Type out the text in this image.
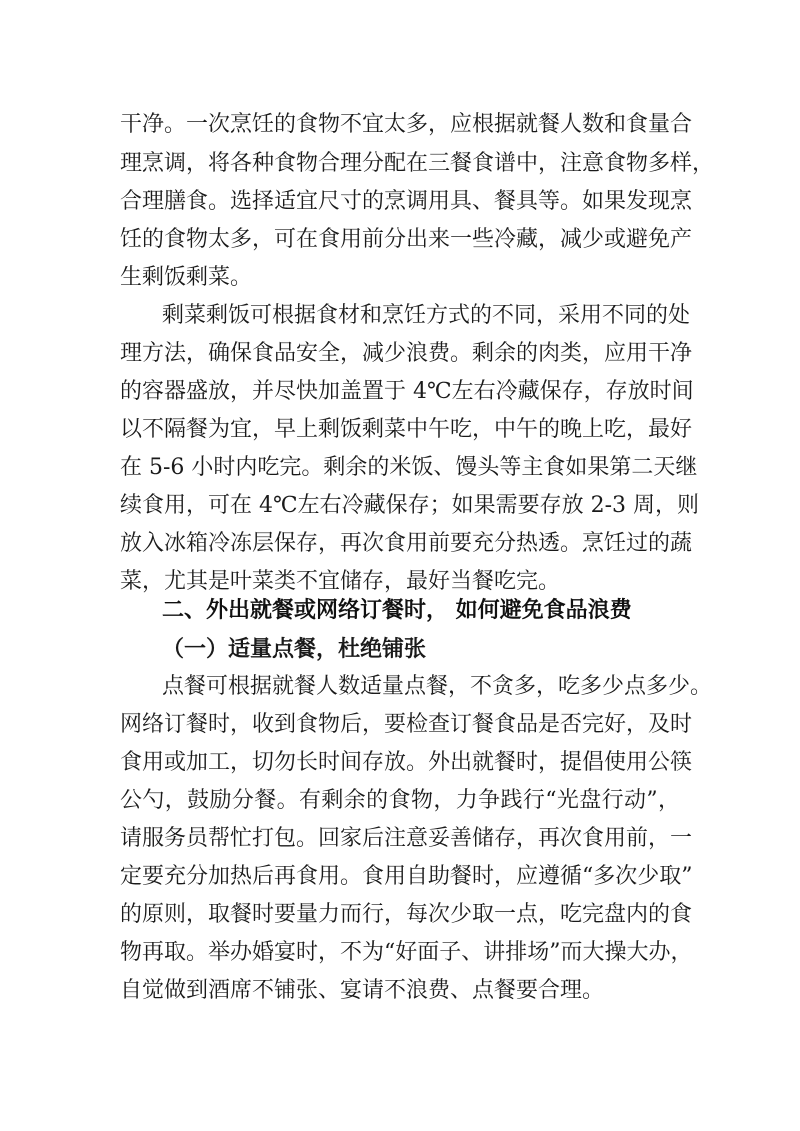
干净。一次烹饪的食物不宜太多，应根据就餐人数和食量合

理烹调，将各种食物合理分配在三餐食谱中，注意食物多样，

合理膳食。选择适宜尺寸的烹调用具、餐具等。如果发现烹

饪的食物太多，可在食用前分出来一些冷藏，减少或避免产

生剩饭剩菜。

剩菜剩饭可根据食材和烹饪方式的不同，采用不同的处

理方法，确保食品安全，减少浪费。剩余的肉类，应用干净

的容器盛放，并尽快加盖置于 4℃左右冷藏保存，存放时间

以不隔餐为宜，早上剩饭剩菜中午吃，中午的晚上吃，最好

在 5-6 小时内吃完。剩余的米饭、馒头等主食如果第二天继

续食用，可在 4℃左右冷藏保存；如果需要存放 2-3 周，则

放入冰箱冷冻层保存，再次食用前要充分热透。烹饪过的蔬

菜，尤其是叶菜类不宜储存，最好当餐吃完。

二、外出就餐或网络订餐时， 如何避免食品浪费
（一）适量点餐，杜绝铺张

点餐可根据就餐人数适量点餐，不贪多，吃多少点多少。

网络订餐时，收到食物后，要检查订餐食品是否完好，及时

食用或加工，切勿长时间存放。外出就餐时，提倡使用公筷

公勺，鼓励分餐。有剩余的食物，力争践行“光盘行动”，

请服务员帮忙打包。回家后注意妥善储存，再次食用前，一

定要充分加热后再食用。食用自助餐时，应遵循“多次少取”

的原则，取餐时要量力而行，每次少取一点，吃完盘内的食

物再取。举办婚宴时，不为“好面子、讲排场”而大操大办，

自觉做到酒席不铺张、宴请不浪费、点餐要合理。
